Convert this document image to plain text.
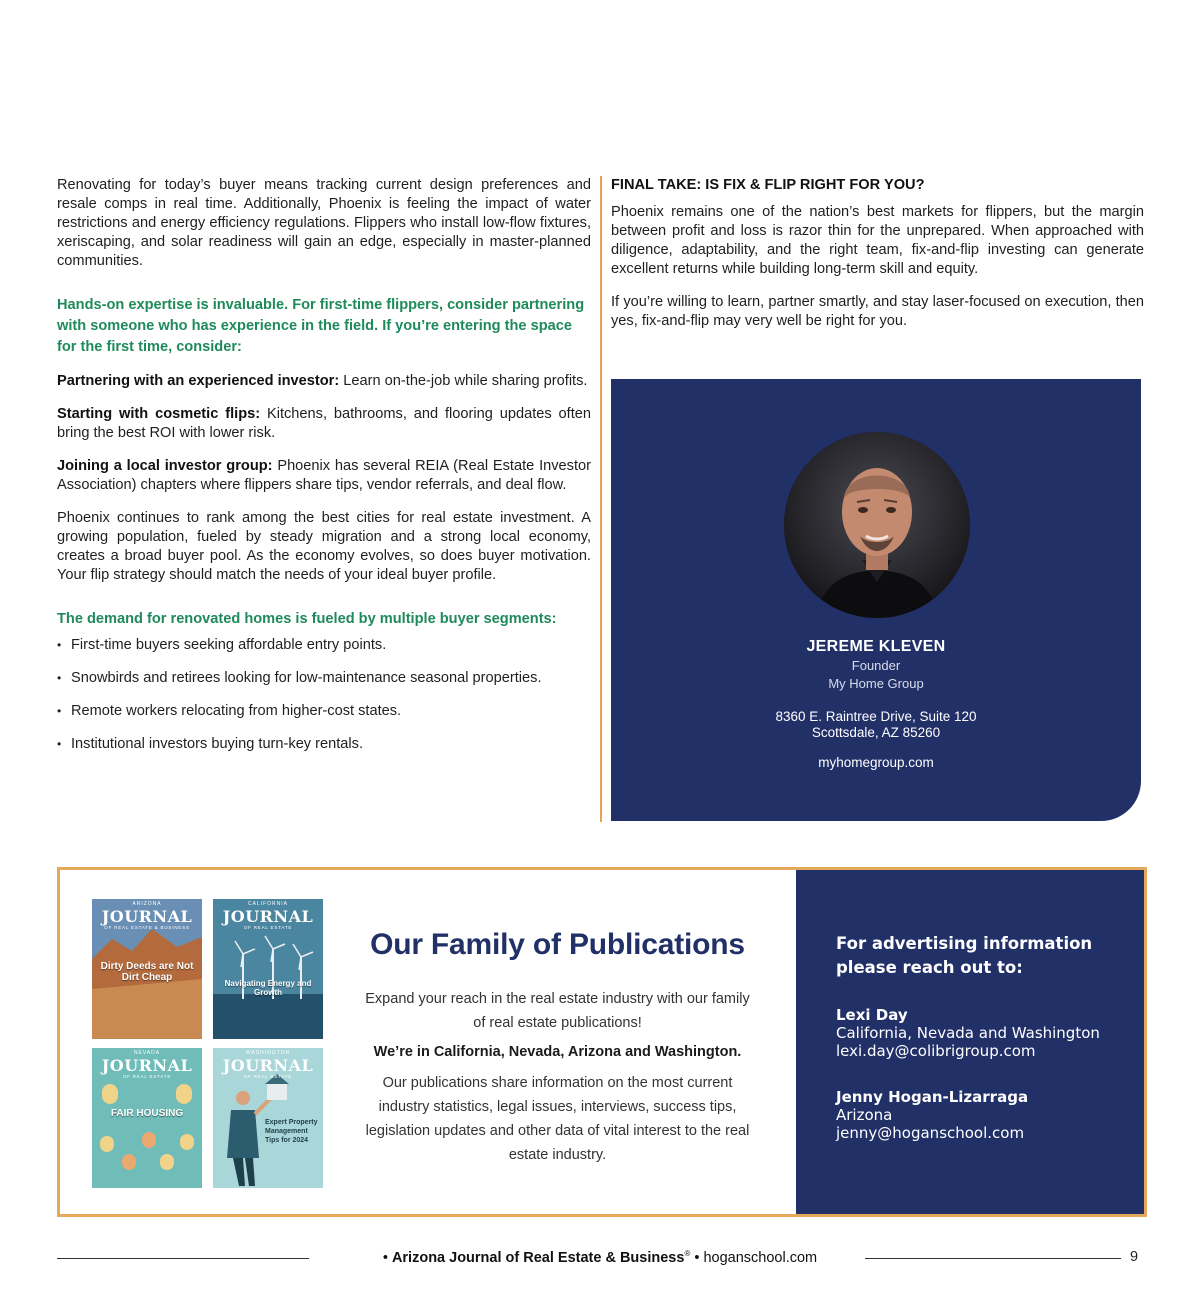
Renovating for today’s buyer means tracking current design preferences and resale comps in real time. Additionally, Phoenix is feeling the impact of water restrictions and energy efficiency regulations. Flippers who install low-flow fixtures, xeriscaping, and solar readiness will gain an edge, especially in master-planned communities.

Hands-on expertise is invaluable. For first-time flippers, consider partnering with someone who has experience in the field. If you’re entering the space for the first time, consider:

Partnering with an experienced investor: Learn on-the-job while sharing profits.

Starting with cosmetic flips: Kitchens, bathrooms, and flooring updates often bring the best ROI with lower risk.

Joining a local investor group: Phoenix has several REIA (Real Estate Investor Association) chapters where flippers share tips, vendor referrals, and deal flow.

Phoenix continues to rank among the best cities for real estate investment. A growing population, fueled by steady migration and a strong local economy, creates a broad buyer pool. As the economy evolves, so does buyer motivation. Your flip strategy should match the needs of your ideal buyer profile.

The demand for renovated homes is fueled by multiple buyer segments:

• First-time buyers seeking affordable entry points.
• Snowbirds and retirees looking for low-maintenance seasonal properties.
• Remote workers relocating from higher-cost states.
• Institutional investors buying turn-key rentals.
FINAL TAKE: IS FIX & FLIP RIGHT FOR YOU?

Phoenix remains one of the nation’s best markets for flippers, but the margin between profit and loss is razor thin for the unprepared. When approached with diligence, adaptability, and the right team, fix-and-flip investing can generate excellent returns while building long-term skill and equity.

If you’re willing to learn, partner smartly, and stay laser-focused on execution, then yes, fix-and-flip may very well be right for you.

JEREME KLEVEN
Founder
My Home Group
8360 E. Raintree Drive, Suite 120
Scottsdale, AZ 85260
myhomegroup.com
ARIZONA
JOURNAL
OF REAL ESTATE & BUSINESS
Dirty Deeds are Not Dirt Cheap
CALIFORNIA
JOURNAL
OF REAL ESTATE
Navigating Energy and Growth
NEVADA
JOURNAL
OF REAL ESTATE
FAIR HOUSING
WASHINGTON
JOURNAL
OF REAL ESTATE
Expert Property Management Tips for 2024
Our Family of Publications
Expand your reach in the real estate industry with our family of real estate publications!
We’re in California, Nevada, Arizona and Washington.
Our publications share information on the most current industry statistics, legal issues, interviews, success tips, legislation updates and other data of vital interest to the real estate industry.
For advertising information please reach out to:
Lexi Day
California, Nevada and Washington
lexi.day@colibrigroup.com
Jenny Hogan-Lizarraga
Arizona
jenny@hoganschool.com
• Arizona Journal of Real Estate & Business® • hoganschool.com	9
